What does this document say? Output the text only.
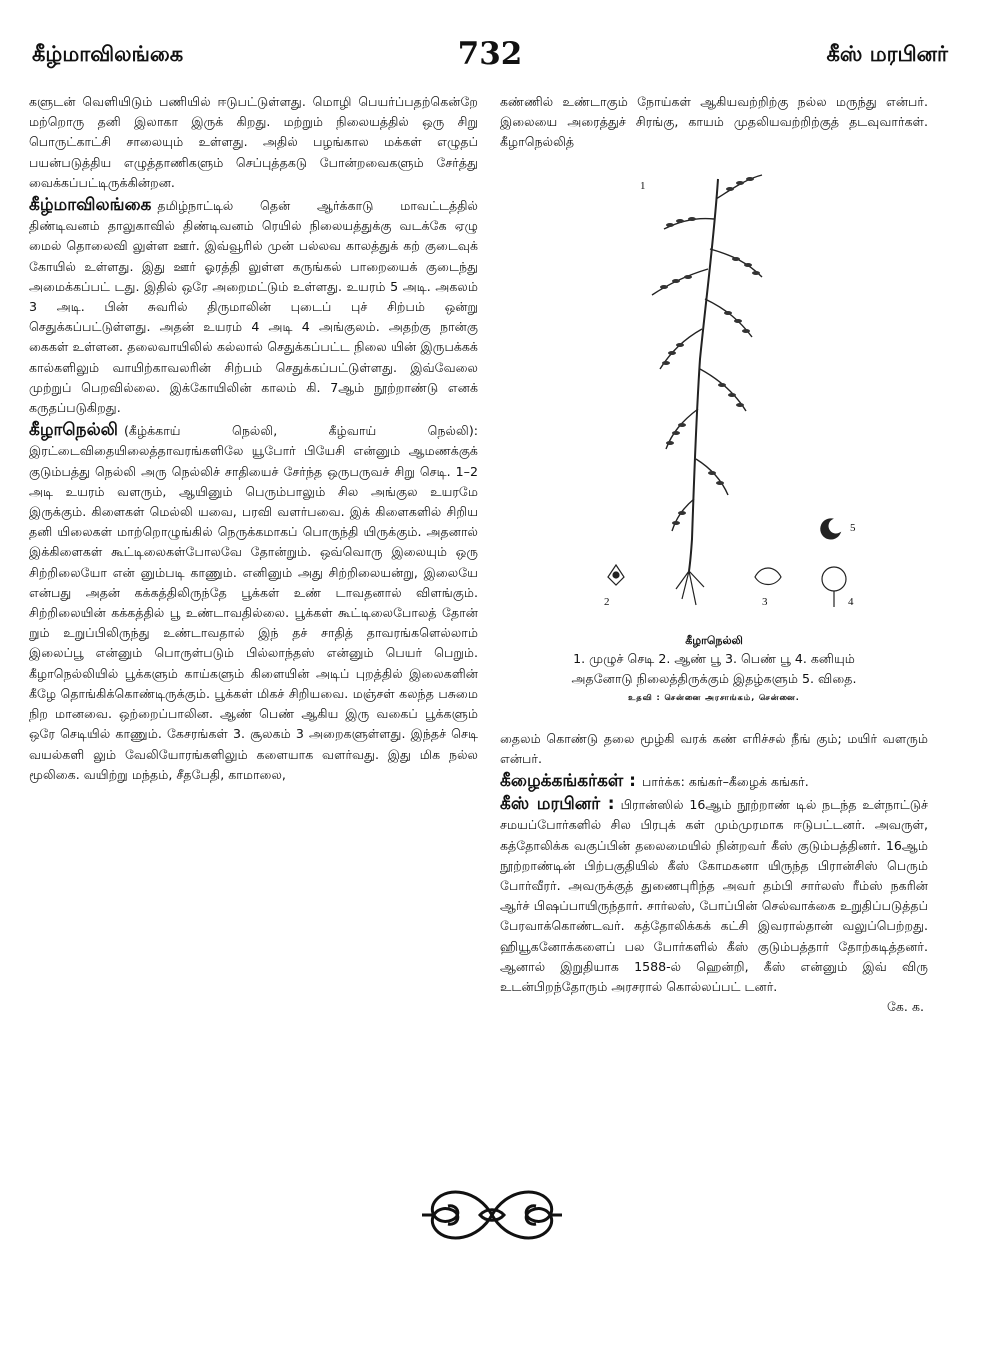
கீழ்மாவிலங்கை	732	கீஸ் மரபினர்

களுடன் வெளியிடும் பணியில் ஈடுபட்டுள்ளது. மொழி பெயர்ப்பதற்கென்றே மற்றொரு தனி இலாகா இருக் கிறது. மற்றும் நிலையத்தில் ஒரு சிறு பொருட்காட்சி சாலையும் உள்ளது. அதில் பழங்கால மக்கள் எழுதப் பயன்படுத்திய எழுத்தாணிகளும் செப்புத்தகடு போன்றவைகளும் சேர்த்து வைக்கப்பட்டிருக்கின்றன.

கீழ்மாவிலங்கை தமிழ்நாட்டில் தென் ஆர்க்காடு மாவட்டத்தில் திண்டிவனம் தாலுகாவில் திண்டிவனம் ரெயில் நிலையத்துக்கு வடக்கே ஏழு மைல் தொலைவி லுள்ள ஊர். இவ்வூரில் முன் பல்லவ காலத்துக் கற் குடைவுக் கோயில் உள்ளது. இது ஊர் ஓரத்தி லுள்ள கருங்கல் பாறையைக் குடைந்து அமைக்கப்பட் டது. இதில் ஒரே அறைமட்டும் உள்ளது. உயரம் 5 அடி. அகலம் 3 அடி. பின் சுவரில் திருமாலின் புடைப் புச் சிற்பம் ஒன்று செதுக்கப்பட்டுள்ளது. அதன் உயரம் 4 அடி 4 அங்குலம். அதற்கு நான்கு கைகள் உள்ளன. தலைவாயிலில் கல்லால் செதுக்கப்பட்ட நிலை யின் இருபக்கக் கால்களிலும் வாயிற்காவலரின் சிற்பம் செதுக்கப்பட்டுள்ளது. இவ்வேலை முற்றுப் பெறவில்லை. இக்கோயிலின் காலம் கி. 7ஆம் நூற்றாண்டு எனக் கருதப்படுகிறது.

கீழாநெல்லி (கீழ்க்காய் நெல்லி, கீழ்வாய் நெல்லி): இரட்டைவிதையிலைத்தாவரங்களிலே யூபோர் பியேசி என்னும் ஆமணக்குக் குடும்பத்து நெல்லி அரு நெல்லிச் சாதியைச் சேர்ந்த ஒருபருவச் சிறு செடி. 1–2 அடி உயரம் வளரும், ஆயினும் பெரும்பாலும் சில அங்குல உயரமே இருக்கும். கிளைகள் மெல்லி யவை, பரவி வளர்பவை. இக் கிளைகளில் சிறிய தனி யிலைகள் மாற்றொழுங்கில் நெருக்கமாகப் பொருந்தி யிருக்கும். அதனால் இக்கிளைகள் கூட்டிலைகள்போலவே தோன்றும். ஒவ்வொரு இலையும் ஒரு சிற்றிலையோ என் னும்படி காணும். எனினும் அது சிற்றிலையன்று, இலையே என்பது அதன் கக்கத்திலிருந்தே பூக்கள் உண் டாவதனால் விளங்கும். சிற்றிலையின் கக்கத்தில் பூ உண்டாவதில்லை. பூக்கள் கூட்டிலைபோலத் தோன் றும் உறுப்பிலிருந்து உண்டாவதால் இந் தச் சாதித் தாவரங்களெல்லாம் இலைப்பூ என்னும் பொருள்படும் பில்லாந்தஸ் என்னும் பெயர் பெறும். கீழாநெல்லியில் பூக்களும் காய்களும் கிளையின் அடிப் புறத்தில் இலைகளின் கீழே தொங்கிக்கொண்டிருக்கும். பூக்கள் மிகச் சிறியவை. மஞ்சள் கலந்த பசுமை நிற மானவை. ஒற்றைப்பாலின. ஆண் பெண் ஆகிய இரு வகைப் பூக்களும் ஒரே செடியில் காணும். கேசரங்கள் 3. சூலகம் 3 அறைகளுள்ளது. இந்தச் செடி வயல்களி லும் வேலியோரங்களிலும் களையாக வளர்வது. இது மிக நல்ல மூலிகை. வயிற்று மந்தம், சீதபேதி, காமாலை,

கண்ணில் உண்டாகும் நோய்கள் ஆகியவற்றிற்கு நல்ல மருந்து என்பர். இலையை அரைத்துச் சிரங்கு, காயம் முதலியவற்றிற்குத் தடவுவார்கள். கீழாநெல்லித்

1
2	3	4
5
கீழாநெல்லி
1. முழுச் செடி 2. ஆண் பூ 3. பெண் பூ 4. கனியும்
அதனோடு நிலைத்திருக்கும் இதழ்களும் 5. விதை.
உதவி : சென்னை அரசாங்கம், சென்னை.

தைலம் கொண்டு தலை மூழ்கி வரக் கண் எரிச்சல் நீங் கும்; மயிர் வளரும் என்பர்.

கீழைக்கங்கர்கள் : பார்க்க: கங்கர்–கீழைக் கங்கர்.

கீஸ் மரபினர் : பிரான்ஸில் 16ஆம் நூற்றாண் டில் நடந்த உள்நாட்டுச் சமயப்போர்களில் சில பிரபுக் கள் மும்முரமாக ஈடுபட்டனர். அவருள், கத்தோலிக்க வகுப்பின் தலைமையில் நின்றவர் கீஸ் குடும்பத்தினர். 16ஆம் நூற்றாண்டின் பிற்பகுதியில் கீஸ் கோமகனா யிருந்த பிரான்சிஸ் பெரும் போர்வீரர். அவருக்குத் துணைபுரிந்த அவர் தம்பி சார்லஸ் ரீம்ஸ் நகரின் ஆர்ச் பிஷப்பாயிருந்தார். சார்லஸ், போப்பின் செல்வாக்கை உறுதிப்படுத்தப் பேரவாக்கொண்டவர். கத்தோலிக்கக் கட்சி இவரால்தான் வலுப்பெற்றது. ஹியூகனோக்களைப் பல போர்களில் கீஸ் குடும்பத்தார் தோற்கடித்தனர். ஆனால் இறுதியாக 1588-ல் ஹென்றி, கீஸ் என்னும் இவ் விரு உடன்பிறந்தோரும் அரசரால் கொல்லப்பட் டனர்.

கே. க.
